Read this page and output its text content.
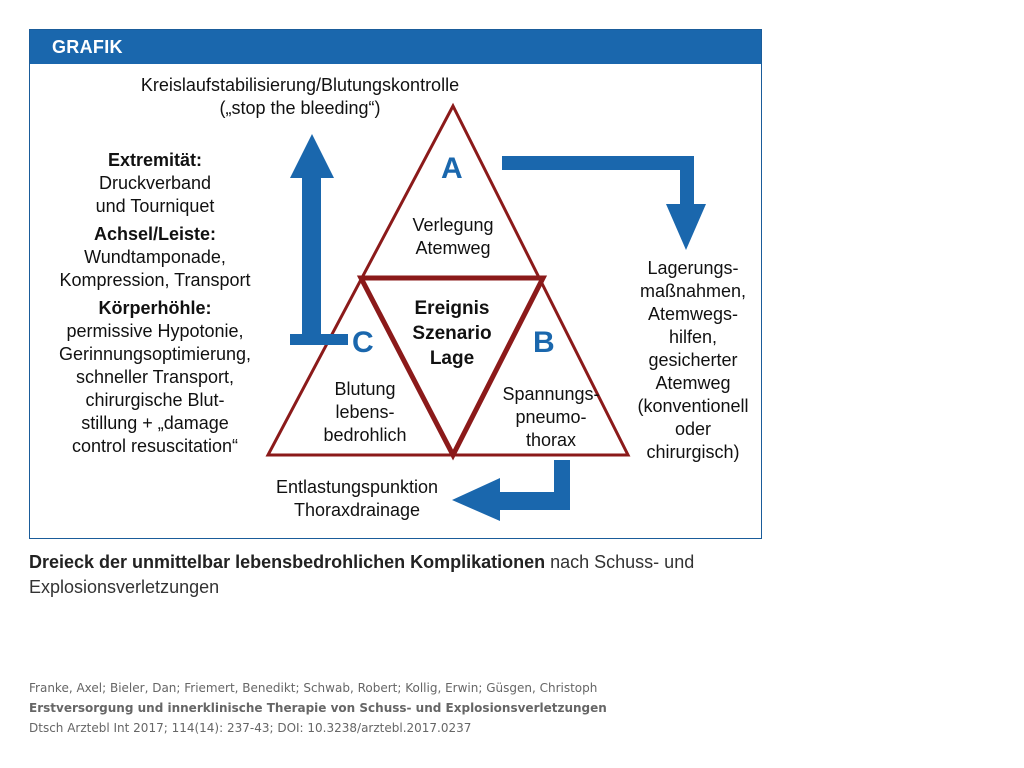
GRAFIK
Kreislaufstabilisierung/Blutungskontrolle
(„stop the bleeding“)
Extremität:
Druckverband
und Tourniquet
Achsel/Leiste:
Wundtamponade,
Kompression, Transport
Körperhöhle:
permissive Hypotonie,
Gerinnungsoptimierung,
schneller Transport,
chirurgische Blut-
stillung + „damage
control resuscitation“
Lagerungs-
maßnahmen,
Atemwegs-
hilfen,
gesicherter
Atemweg
(konventionell
oder
chirurgisch)
Entlastungspunktion
Thoraxdrainage
A
Verlegung
Atemweg
C
Blutung
lebens-
bedrohlich
B
Spannungs-
pneumo-
thorax
Ereignis
Szenario
Lage
Dreieck der unmittelbar lebensbedrohlichen Komplikationen nach Schuss- und Explosionsverletzungen
Franke, Axel; Bieler, Dan; Friemert, Benedikt; Schwab, Robert; Kollig, Erwin; Güsgen, Christoph
Erstversorgung und innerklinische Therapie von Schuss- und Explosionsverletzungen
Dtsch Arztebl Int 2017; 114(14): 237-43; DOI: 10.3238/arztebl.2017.0237
